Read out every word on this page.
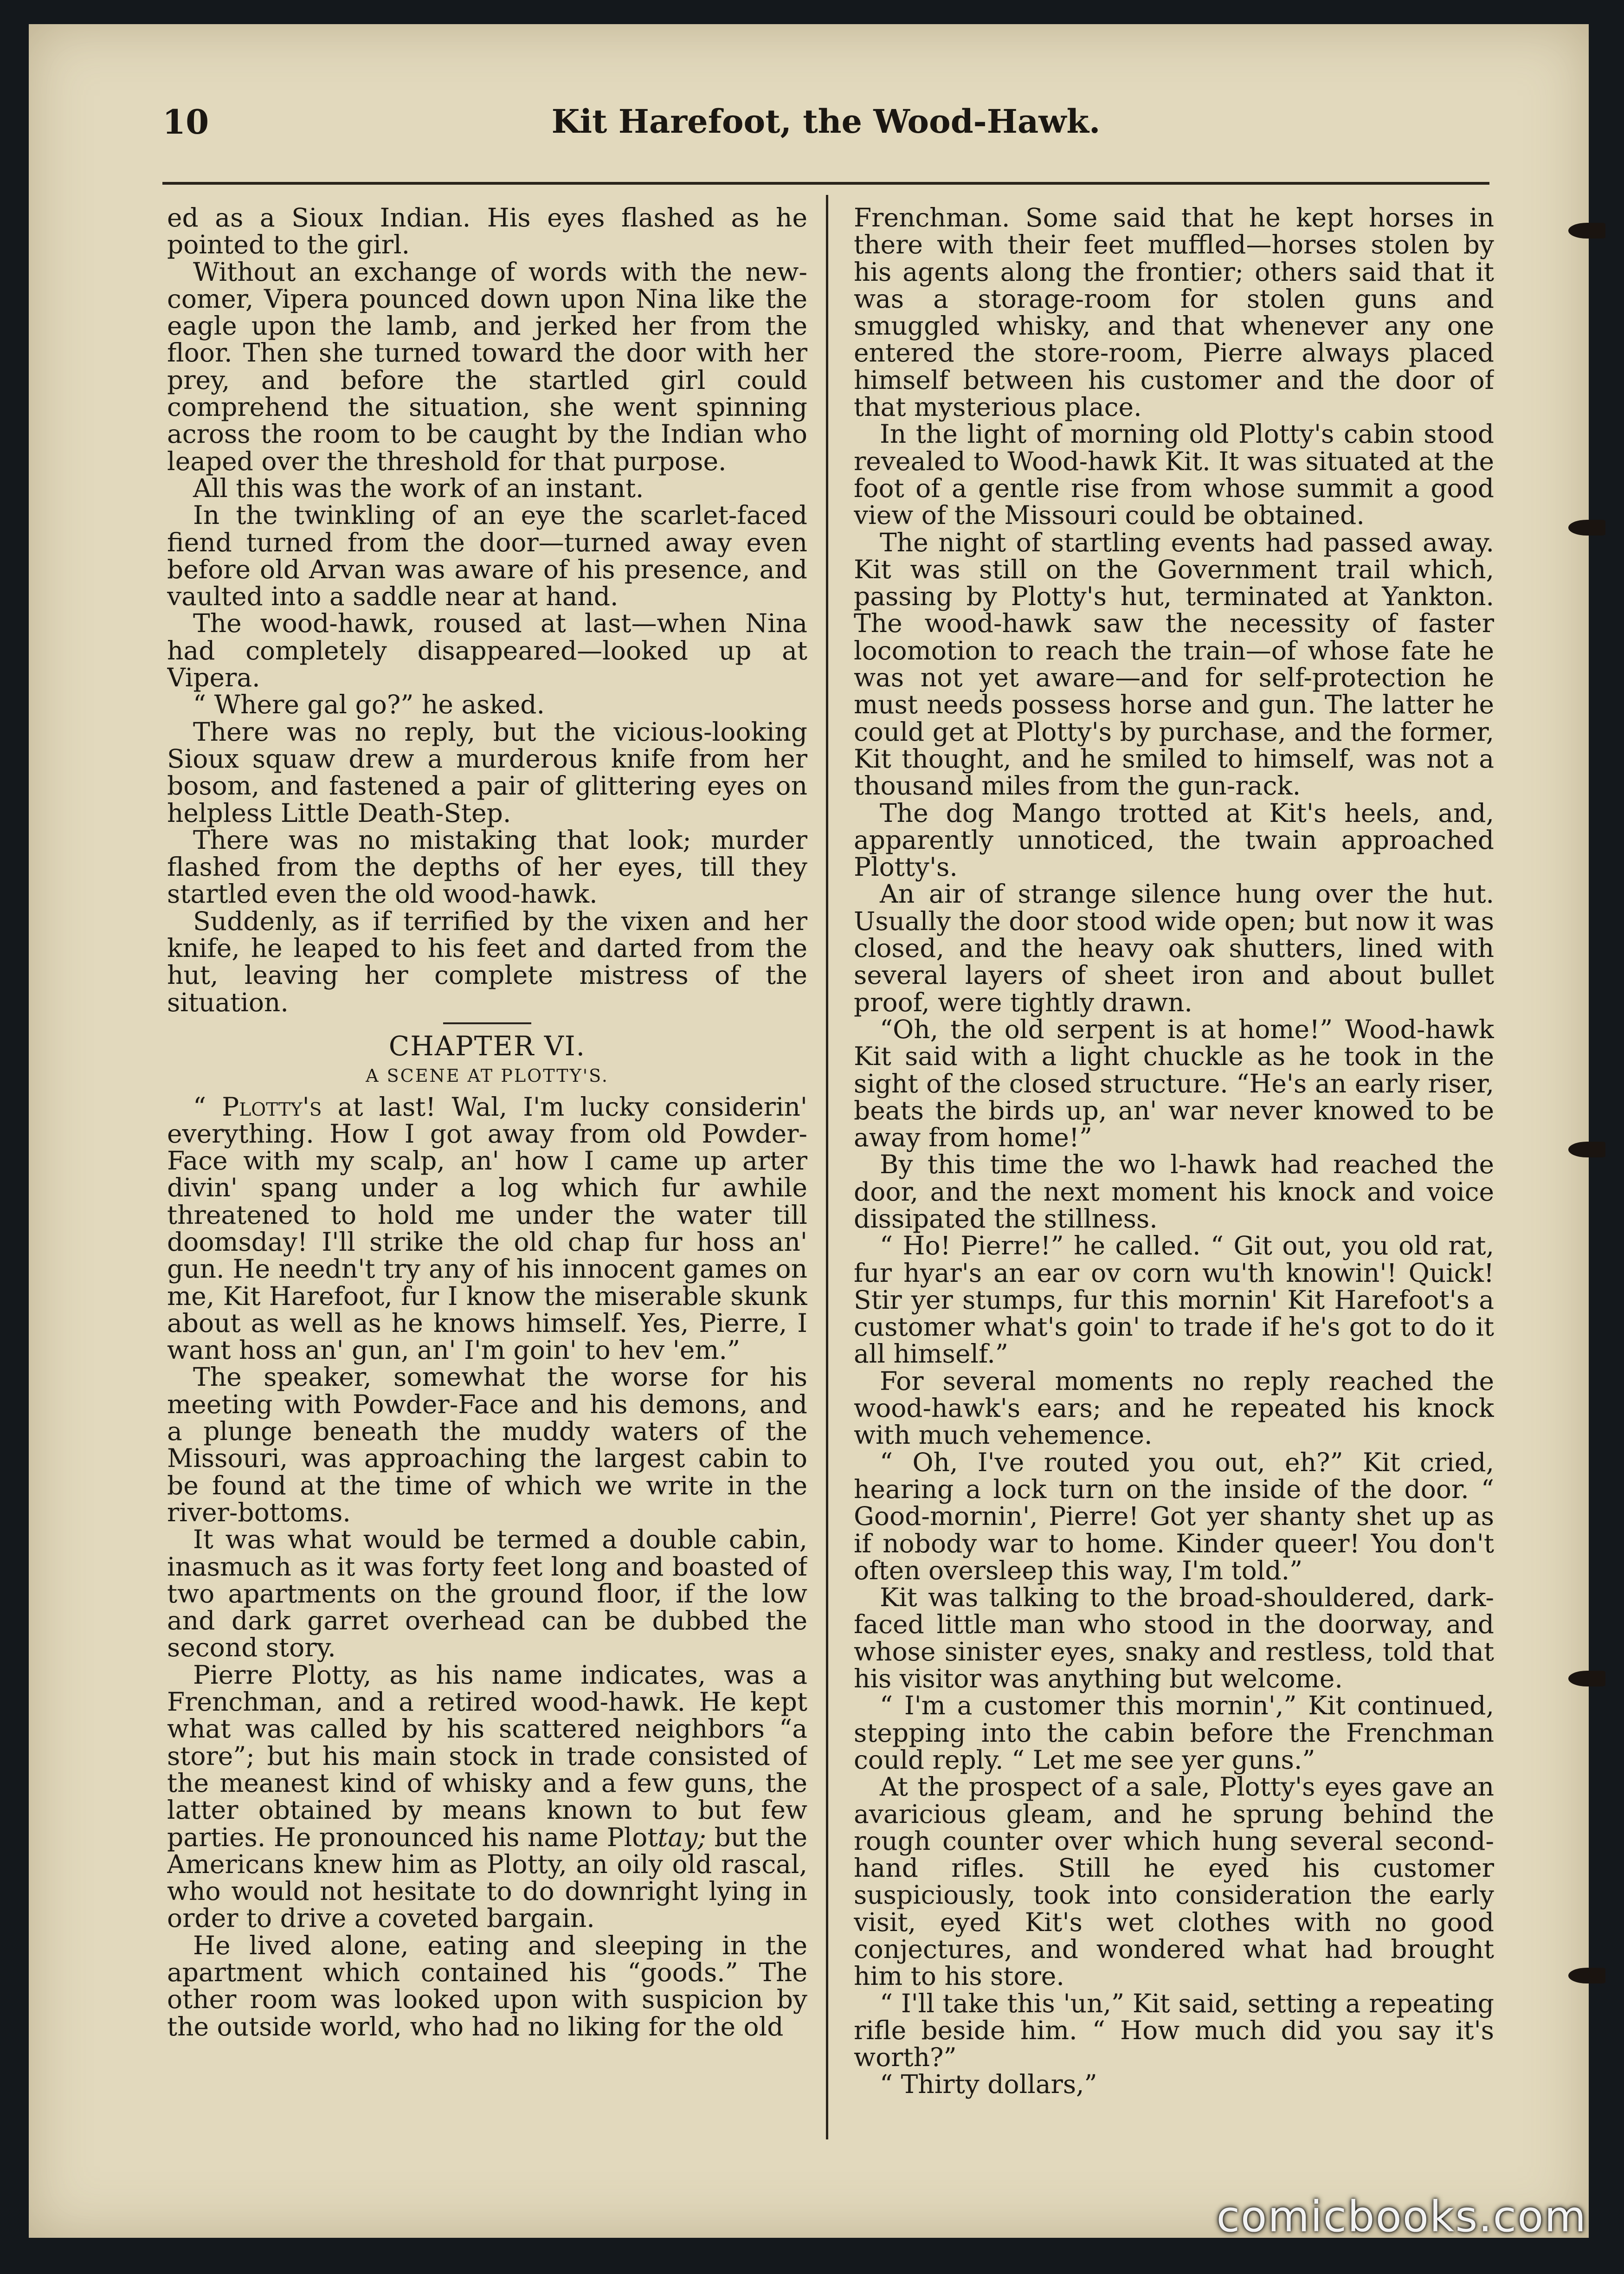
10	Kit Harefoot, the Wood-Hawk.

ed as a Sioux Indian. His eyes flashed as he pointed to the girl.

Without an exchange of words with the new-comer, Vipera pounced down upon Nina like the eagle upon the lamb, and jerked her from the floor. Then she turned toward the door with her prey, and before the startled girl could comprehend the situation, she went spinning across the room to be caught by the Indian who leaped over the threshold for that purpose.

All this was the work of an instant.

In the twinkling of an eye the scarlet-faced fiend turned from the door—turned away even before old Arvan was aware of his presence, and vaulted into a saddle near at hand.

The wood-hawk, roused at last—when Nina had completely disappeared—looked up at Vipera.

“ Where gal go?” he asked.

There was no reply, but the vicious-looking Sioux squaw drew a murderous knife from her bosom, and fastened a pair of glittering eyes on helpless Little Death-Step.

There was no mistaking that look; murder flashed from the depths of her eyes, till they startled even the old wood-hawk.

Suddenly, as if terrified by the vixen and her knife, he leaped to his feet and darted from the hut, leaving her complete mistress of the situation.

CHAPTER VI.
A SCENE AT PLOTTY'S.

“ Plotty's at last! Wal, I'm lucky considerin' everything. How I got away from old Powder-Face with my scalp, an' how I came up arter divin' spang under a log which fur awhile threatened to hold me under the water till doomsday! I'll strike the old chap fur hoss an' gun. He needn't try any of his innocent games on me, Kit Harefoot, fur I know the miserable skunk about as well as he knows himself. Yes, Pierre, I want hoss an' gun, an' I'm goin' to hev 'em.”

The speaker, somewhat the worse for his meeting with Powder-Face and his demons, and a plunge beneath the muddy waters of the Missouri, was approaching the largest cabin to be found at the time of which we write in the river-bottoms.

It was what would be termed a double cabin, inasmuch as it was forty feet long and boasted of two apartments on the ground floor, if the low and dark garret overhead can be dubbed the second story.

Pierre Plotty, as his name indicates, was a Frenchman, and a retired wood-hawk. He kept what was called by his scattered neighbors “a store”; but his main stock in trade consisted of the meanest kind of whisky and a few guns, the latter obtained by means known to but few parties. He pronounced his name Plottay; but the Americans knew him as Plotty, an oily old rascal, who would not hesitate to do downright lying in order to drive a coveted bargain.

He lived alone, eating and sleeping in the apartment which contained his “goods.” The other room was looked upon with suspicion by the outside world, who had no liking for the old

Frenchman. Some said that he kept horses in there with their feet muffled—horses stolen by his agents along the frontier; others said that it was a storage-room for stolen guns and smuggled whisky, and that whenever any one entered the store-room, Pierre always placed himself between his customer and the door of that mysterious place.

In the light of morning old Plotty's cabin stood revealed to Wood-hawk Kit. It was situated at the foot of a gentle rise from whose summit a good view of the Missouri could be obtained.

The night of startling events had passed away. Kit was still on the Government trail which, passing by Plotty's hut, terminated at Yankton. The wood-hawk saw the necessity of faster locomotion to reach the train—of whose fate he was not yet aware—and for self-protection he must needs possess horse and gun. The latter he could get at Plotty's by purchase, and the former, Kit thought, and he smiled to himself, was not a thousand miles from the gun-rack.

The dog Mango trotted at Kit's heels, and, apparently unnoticed, the twain approached Plotty's.

An air of strange silence hung over the hut. Usually the door stood wide open; but now it was closed, and the heavy oak shutters, lined with several layers of sheet iron and about bullet proof, were tightly drawn.

“Oh, the old serpent is at home!” Wood-hawk Kit said with a light chuckle as he took in the sight of the closed structure. “He's an early riser, beats the birds up, an' war never knowed to be away from home!”

By this time the wo l-hawk had reached the door, and the next moment his knock and voice dissipated the stillness.

“ Ho! Pierre!” he called. “ Git out, you old rat, fur hyar's an ear ov corn wu'th knowin'! Quick! Stir yer stumps, fur this mornin' Kit Harefoot's a customer what's goin' to trade if he's got to do it all himself.”

For several moments no reply reached the wood-hawk's ears; and he repeated his knock with much vehemence.

“ Oh, I've routed you out, eh?” Kit cried, hearing a lock turn on the inside of the door. “ Good-mornin', Pierre! Got yer shanty shet up as if nobody war to home. Kinder queer! You don't often oversleep this way, I'm told.”

Kit was talking to the broad-shouldered, dark-faced little man who stood in the doorway, and whose sinister eyes, snaky and restless, told that his visitor was anything but welcome.

“ I'm a customer this mornin',” Kit continued, stepping into the cabin before the Frenchman could reply. “ Let me see yer guns.”

At the prospect of a sale, Plotty's eyes gave an avaricious gleam, and he sprung behind the rough counter over which hung several second-hand rifles. Still he eyed his customer suspiciously, took into consideration the early visit, eyed Kit's wet clothes with no good conjectures, and wondered what had brought him to his store.

“ I'll take this 'un,” Kit said, setting a repeating rifle beside him. “ How much did you say it's worth?”

“ Thirty dollars,”

comicbooks.com
